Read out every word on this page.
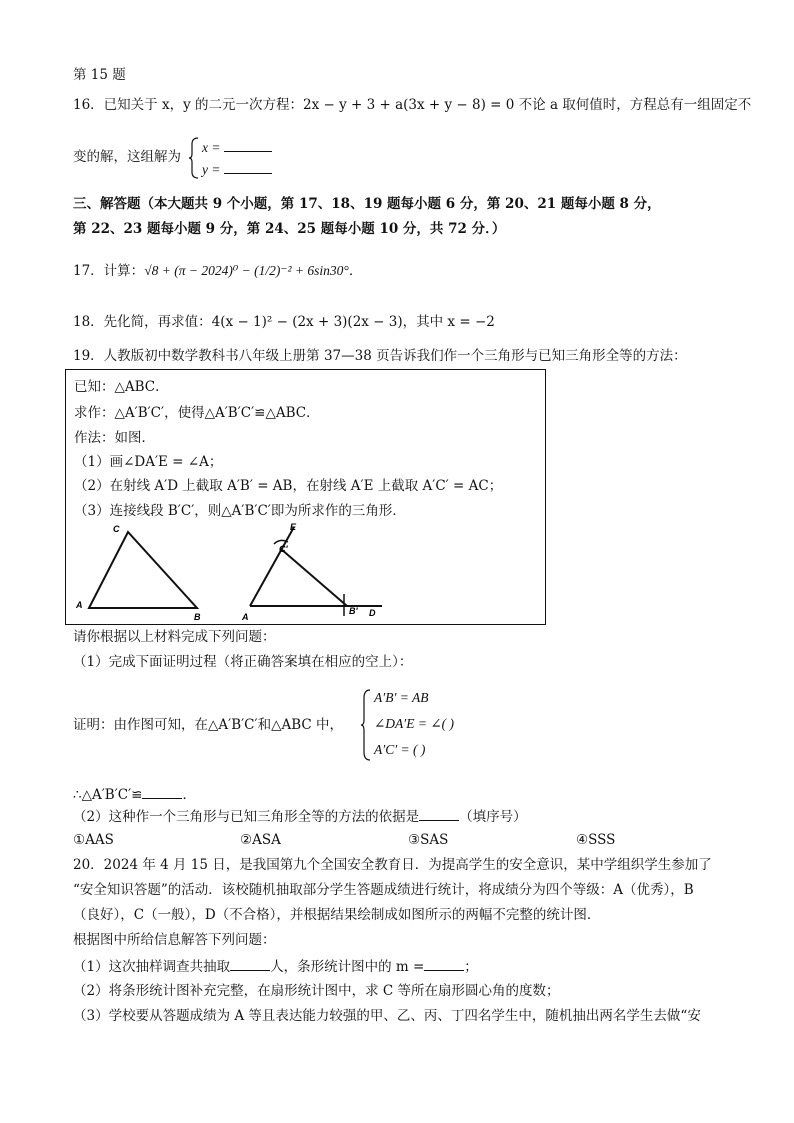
第 15 题
16．已知关于 x，y 的二元一次方程：2x − y + 3 + a(3x + y − 8) = 0 不论 a 取何值时，方程总有一组固定不
变的解，这组解为
x =
y =
三、解答题（本大题共 9 个小题，第 17、18、19 题每小题 6 分，第 20、21 题每小题 8 分，
第 22、23 题每小题 9 分，第 24、25 题每小题 10 分，共 72 分．）
17．计算：√8 + (π − 2024)⁰ − (1/2)⁻² + 6sin30°．
18．先化简，再求值：4(x − 1)² − (2x + 3)(2x − 3)，其中 x = −2
19．人教版初中数学教科书八年级上册第 37—38 页告诉我们作一个三角形与已知三角形全等的方法：
已知：△ABC．
求作：△A′B′C′，使得△A′B′C′≌△ABC．
作法：如图．
（1）画∠DA′E = ∠A；
（2）在射线 A′D 上截取 A′B′ = AB，在射线 A′E 上截取 A′C′ = AC；
（3）连接线段 B′C′，则△A′B′C′即为所求作的三角形．
A
B
C
A
B'
C'
D
E
请你根据以上材料完成下列问题：
（1）完成下面证明过程（将正确答案填在相应的空上）：
证明：由作图可知，在△A′B′C′和△ABC 中，
A′B′ = AB
∠DA′E = ∠( )
A′C′ = ( )
∴△A′B′C′≌	．
（2）这种作一个三角形与已知三角形全等的方法的依据是	（填序号）
①AAS	②ASA	③SAS	④SSS
20．2024 年 4 月 15 日，是我国第九个全国安全教育日．为提高学生的安全意识，某中学组织学生参加了
“安全知识答题”的活动．该校随机抽取部分学生答题成绩进行统计，将成绩分为四个等级：A（优秀），B
（良好），C（一般），D（不合格），并根据结果绘制成如图所示的两幅不完整的统计图．
根据图中所给信息解答下列问题：
（1）这次抽样调查共抽取	人，条形统计图中的 m =	；
（2）将条形统计图补充完整，在扇形统计图中，求 C 等所在扇形圆心角的度数；
（3）学校要从答题成绩为 A 等且表达能力较强的甲、乙、丙、丁四名学生中，随机抽出两名学生去做“安
